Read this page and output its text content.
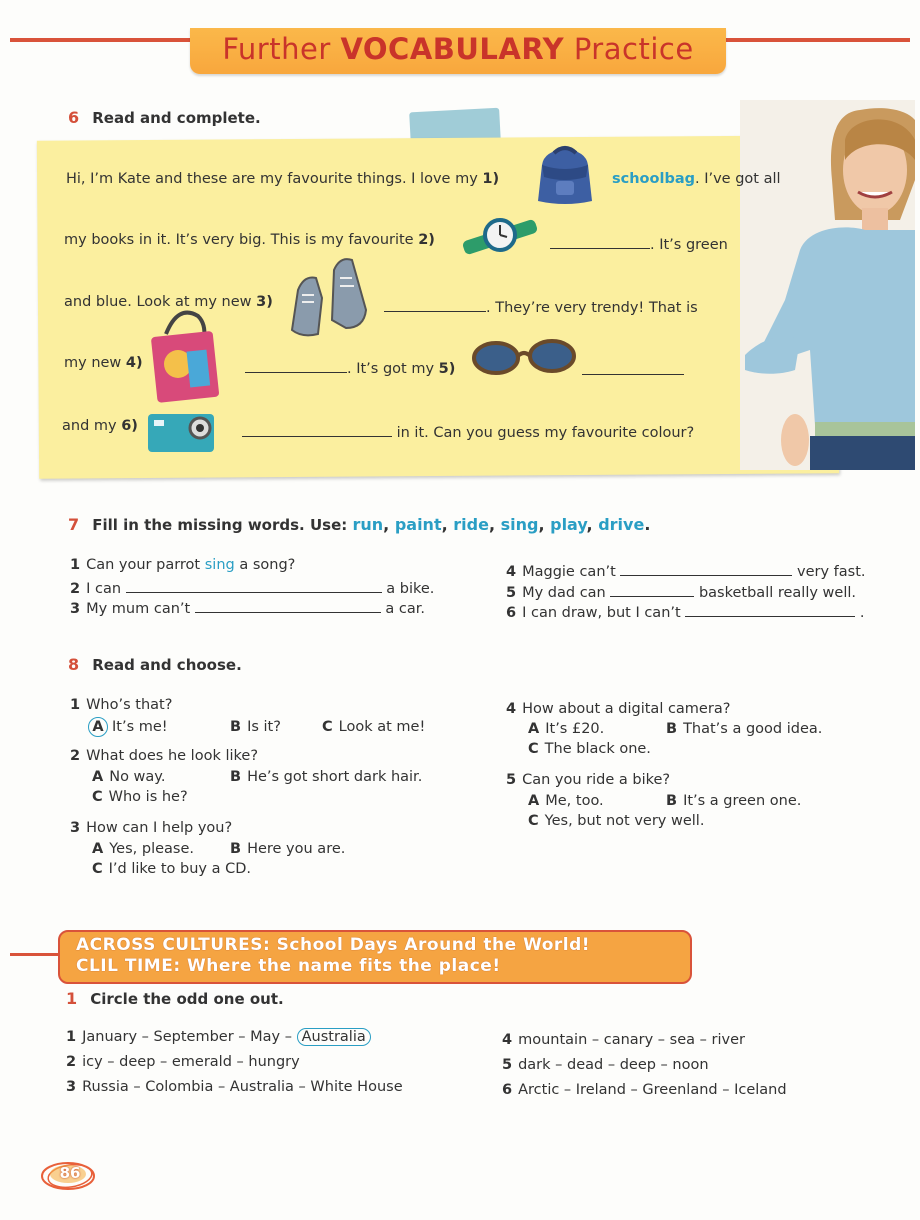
Further VOCABULARY Practice
6 Read and complete.
Hi, I’m Kate and these are my favourite things. I love my 1)	schoolbag. I’ve got all
my books in it. It’s very big. This is my favourite 2)	. It’s green
and blue. Look at my new 3)	. They’re very trendy! That is
my new 4)	. It’s got my 5)
and my 6)	in it. Can you guess my favourite colour?
7 Fill in the missing words. Use: run, paint, ride, sing, play, drive.
1 Can your parrot sing a song?
2 I can	a bike.
3 My mum can’t	a car.
4 Maggie can’t	very fast.
5 My dad can	basketball really well.
6 I can draw, but I can’t	.
8 Read and choose.
1 Who’s that?
A It’s me!	B Is it?	C Look at me!
2 What does he look like?
A No way.	B He’s got short dark hair.
C Who is he?
3 How can I help you?
A Yes, please. B Here you are.
C I’d like to buy a CD.
4 How about a digital camera?
A It’s £20.	B That’s a good idea.
C The black one.
5 Can you ride a bike?
A Me, too.	B It’s a green one.
C Yes, but not very well.
ACROSS CULTURES: School Days Around the World!
CLIL TIME: Where the name fits the place!
1 Circle the odd one out.
1 January – September – May – Australia
2 icy – deep – emerald – hungry
3 Russia – Colombia – Australia – White House
4 mountain – canary – sea – river
5 dark – dead – deep – noon
6 Arctic – Ireland – Greenland – Iceland
86
